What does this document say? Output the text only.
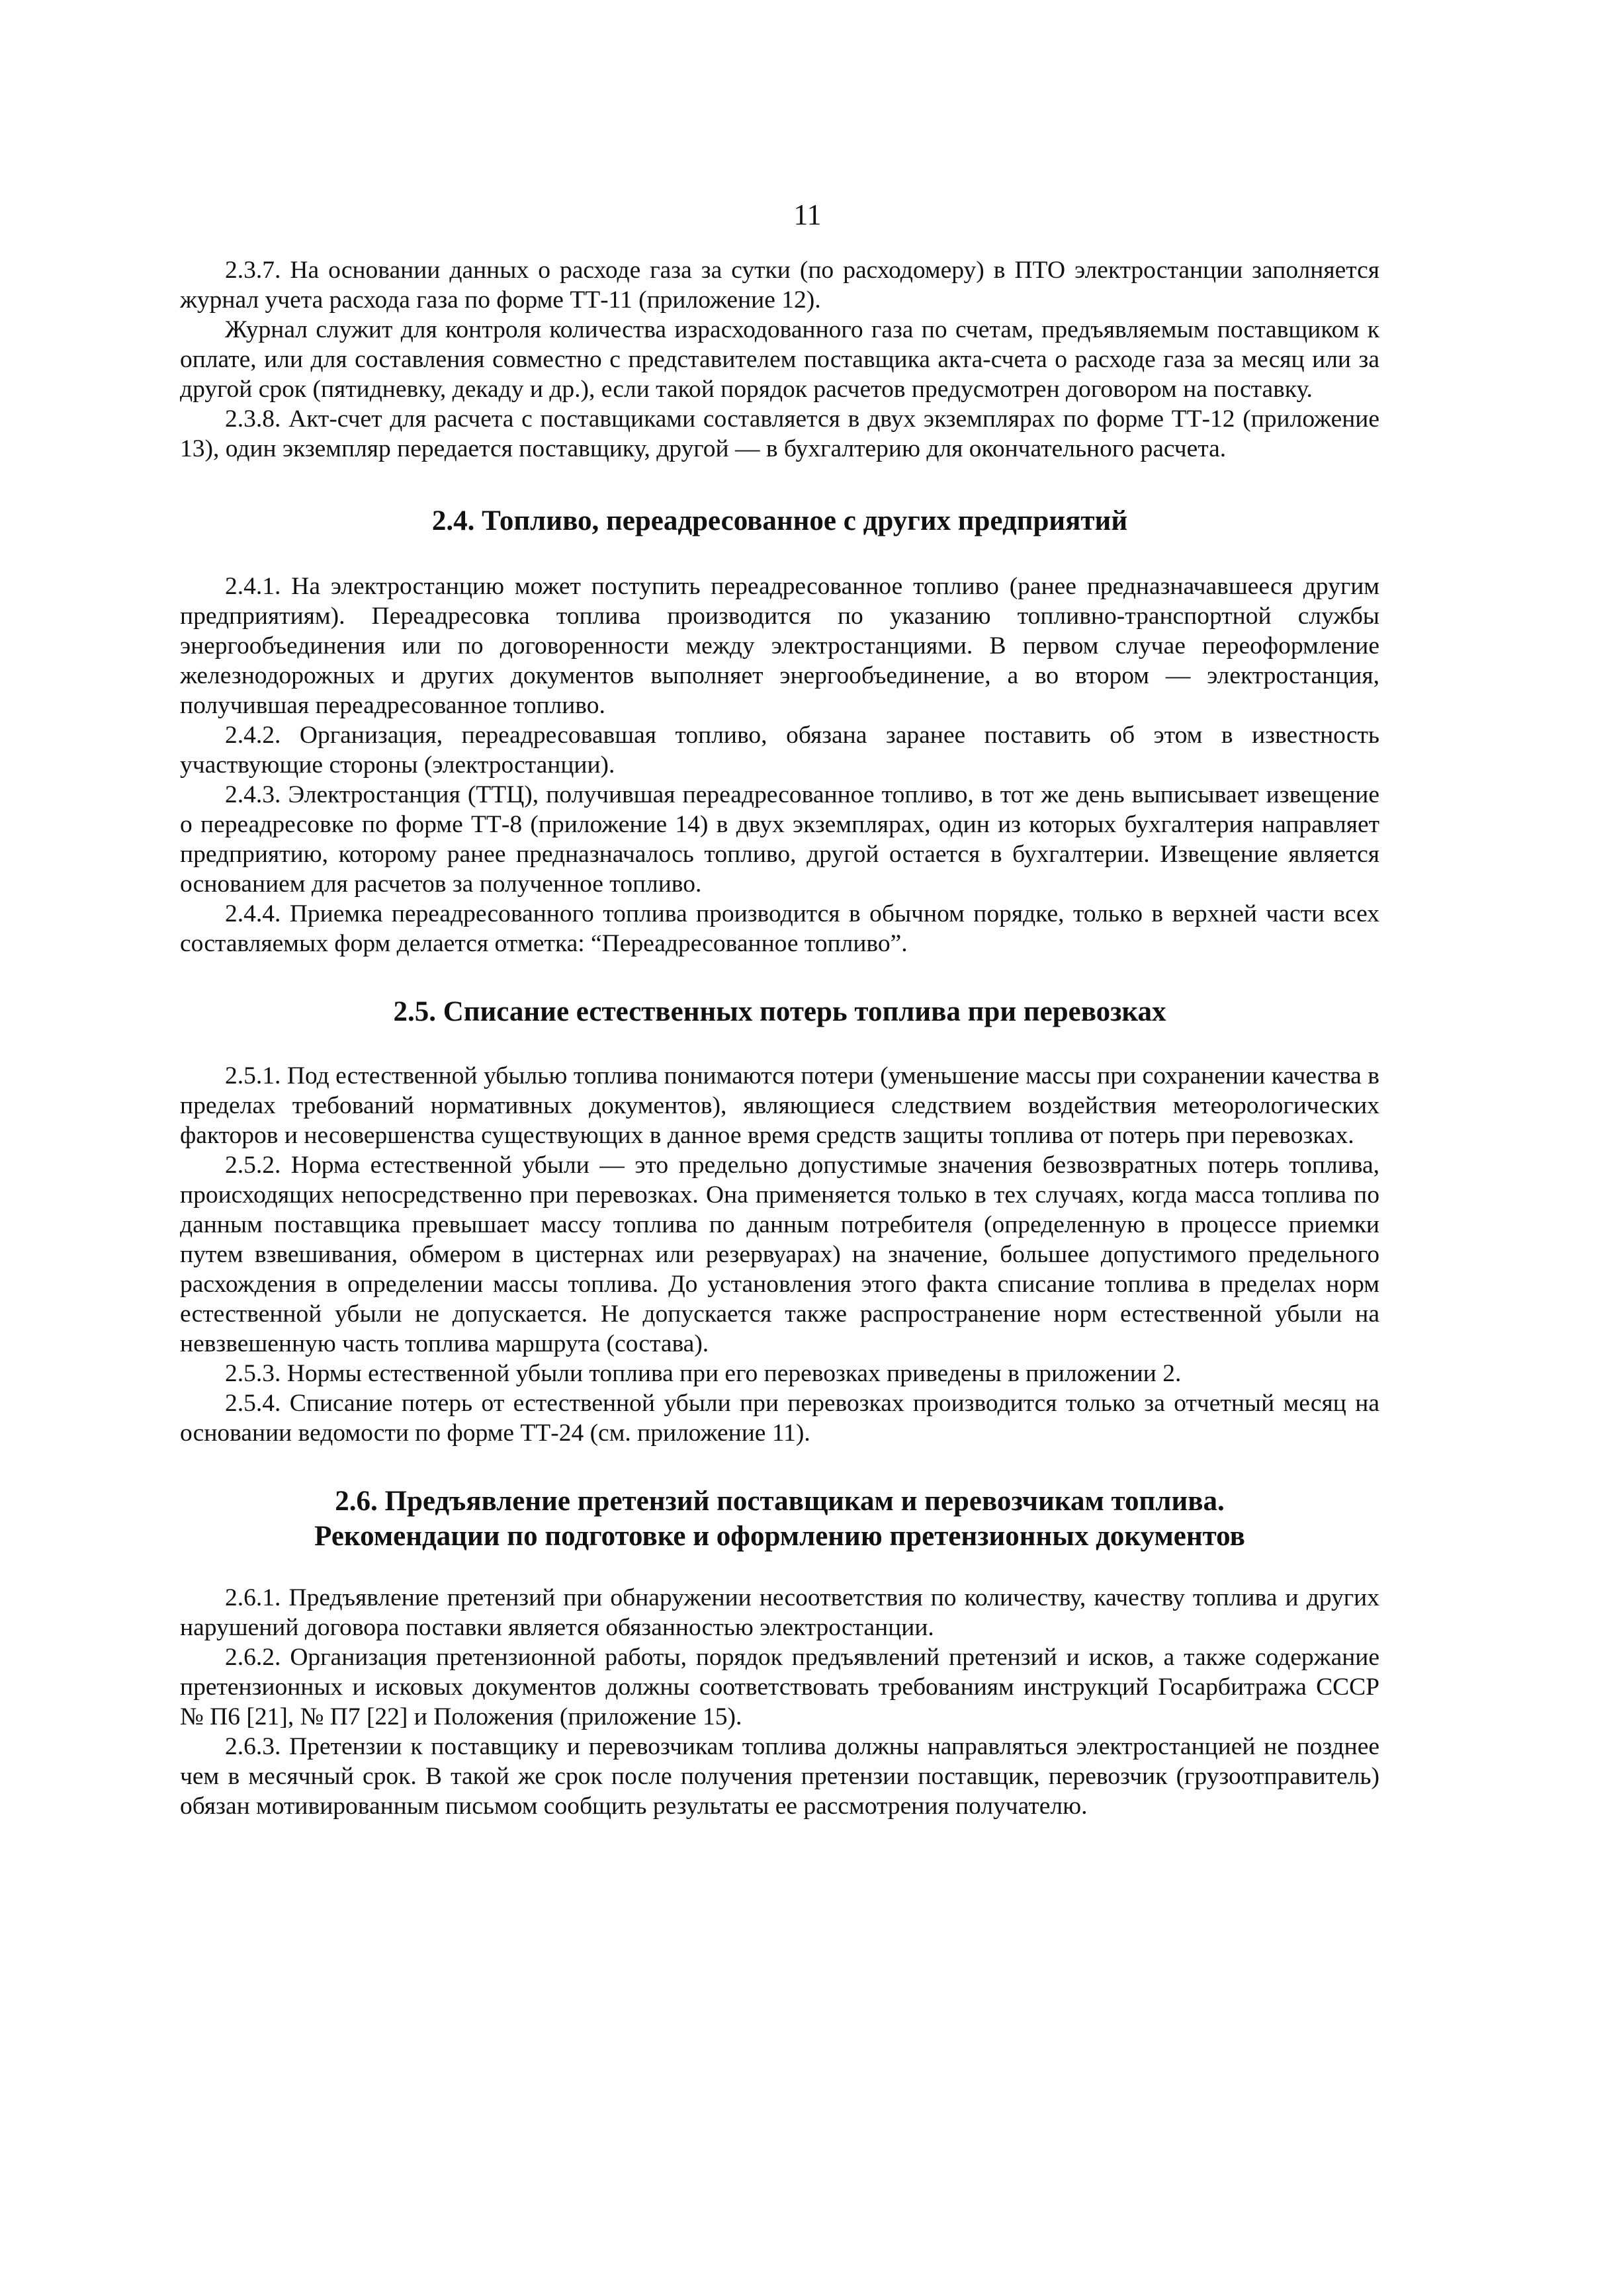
11

2.3.7. На основании данных о расходе газа за сутки (по расходомеру) в ПТО электростанции заполняется журнал учета расхода газа по форме ТТ-11 (приложение 12).

Журнал служит для контроля количества израсходованного газа по счетам, предъявляемым поставщиком к оплате, или для составления совместно с представителем поставщика акта-счета о расходе газа за месяц или за другой срок (пятидневку, декаду и др.), если такой порядок расчетов предусмотрен договором на поставку.

2.3.8. Акт-счет для расчета с поставщиками составляется в двух экземплярах по форме ТТ-12 (приложение 13), один экземпляр передается поставщику, другой — в бухгалтерию для окончательного расчета.

2.4. Топливо, переадресованное с других предприятий

2.4.1. На электростанцию может поступить переадресованное топливо (ранее предназначавшееся другим предприятиям). Переадресовка топлива производится по указанию топливно-транспортной службы энергообъединения или по договоренности между электростанциями. В первом случае переоформление железнодорожных и других документов выполняет энергообъединение, а во втором — электростанция, получившая переадресованное топливо.

2.4.2. Организация, переадресовавшая топливо, обязана заранее поставить об этом в известность участвующие стороны (электростанции).

2.4.3. Электростанция (ТТЦ), получившая переадресованное топливо, в тот же день выписывает извещение о переадресовке по форме ТТ-8 (приложение 14) в двух экземплярах, один из которых бухгалтерия направляет предприятию, которому ранее предназначалось топливо, другой остается в бухгалтерии. Извещение является основанием для расчетов за полученное топливо.

2.4.4. Приемка переадресованного топлива производится в обычном порядке, только в верхней части всех составляемых форм делается отметка: “Переадресованное топливо”.

2.5. Списание естественных потерь топлива при перевозках

2.5.1. Под естественной убылью топлива понимаются потери (уменьшение массы при сохранении качества в пределах требований нормативных документов), являющиеся следствием воздействия метеорологических факторов и несовершенства существующих в данное время средств защиты топлива от потерь при перевозках.

2.5.2. Норма естественной убыли — это предельно допустимые значения безвозвратных потерь топлива, происходящих непосредственно при перевозках. Она применяется только в тех случаях, когда масса топлива по данным поставщика превышает массу топлива по данным потребителя (определенную в процессе приемки путем взвешивания, обмером в цистернах или резервуарах) на значение, большее допустимого предельного расхождения в определении массы топлива. До установления этого факта списание топлива в пределах норм естественной убыли не допускается. Не допускается также распространение норм естественной убыли на невзвешенную часть топлива маршрута (состава).

2.5.3. Нормы естественной убыли топлива при его перевозках приведены в приложении 2.

2.5.4. Списание потерь от естественной убыли при перевозках производится только за отчетный месяц на основании ведомости по форме ТТ-24 (см. приложение 11).

2.6. Предъявление претензий поставщикам и перевозчикам топлива.
Рекомендации по подготовке и оформлению претензионных документов

2.6.1. Предъявление претензий при обнаружении несоответствия по количеству, качеству топлива и других нарушений договора поставки является обязанностью электростанции.

2.6.2. Организация претензионной работы, порядок предъявлений претензий и исков, а также содержание претензионных и исковых документов должны соответствовать требованиям инструкций Госарбитража СССР № П6 [21], № П7 [22] и Положения (приложение 15).

2.6.3. Претензии к поставщику и перевозчикам топлива должны направляться электростанцией не позднее чем в месячный срок. В такой же срок после получения претензии поставщик, перевозчик (грузоотправитель) обязан мотивированным письмом сообщить результаты ее рассмотрения получателю.
